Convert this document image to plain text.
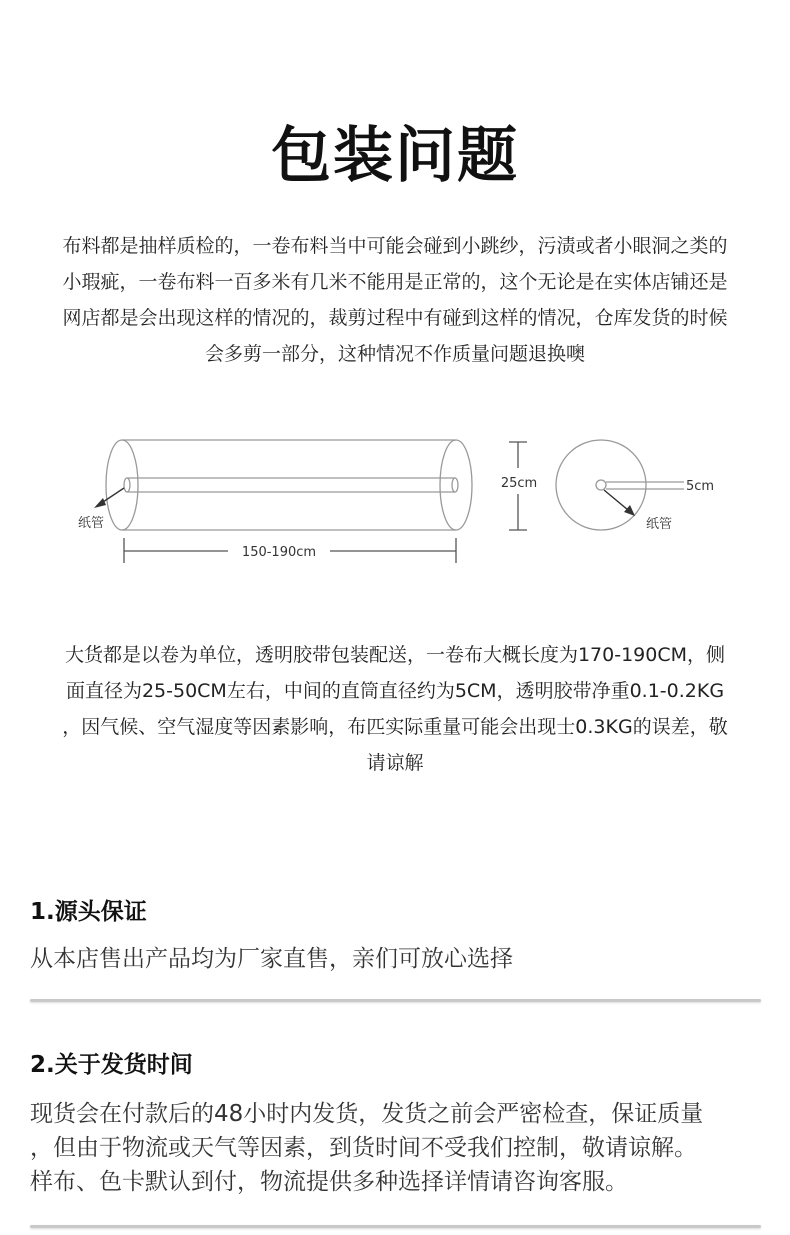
包装问题

布料都是抽样质检的，一卷布料当中可能会碰到小跳纱，污渍或者小眼洞之类的

小瑕疵，一卷布料一百多米有几米不能用是正常的，这个无论是在实体店铺还是

网店都是会出现这样的情况的，裁剪过程中有碰到这样的情况，仓库发货的时候

会多剪一部分，这种情况不作质量问题退换噢

纸管
150-190cm
25cm	5cm
纸管

大货都是以卷为单位，透明胶带包装配送，一卷布大概长度为170-190CM，侧

面直径为25-50CM左右，中间的直筒直径约为5CM，透明胶带净重0.1-0.2KG

，因气候、空气湿度等因素影响，布匹实际重量可能会出现士0.3KG的误差，敬

请谅解

1.源头保证

从本店售出产品均为厂家直售，亲们可放心选择

2.关于发货时间

现货会在付款后的48小时内发货，发货之前会严密检查，保证质量

，但由于物流或天气等因素，到货时间不受我们控制，敬请谅解。

样布、色卡默认到付，物流提供多种选择详情请咨询客服。
